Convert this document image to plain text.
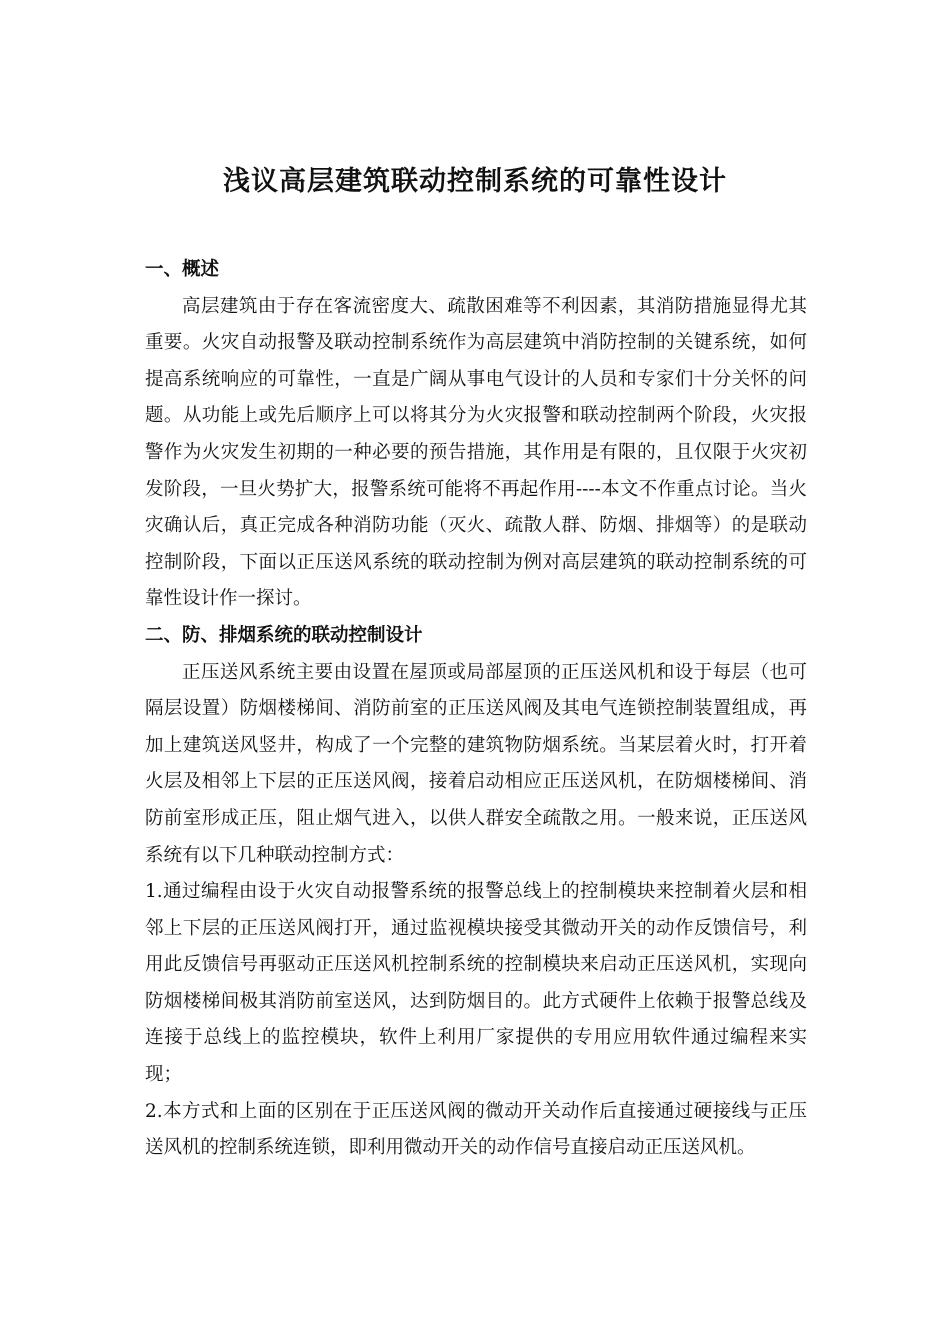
浅议高层建筑联动控制系统的可靠性设计

一、概述

高层建筑由于存在客流密度大、疏散困难等不利因素，其消防措施显得尤其重要。火灾自动报警及联动控制系统作为高层建筑中消防控制的关键系统，如何提高系统响应的可靠性，一直是广阔从事电气设计的人员和专家们十分关怀的问题。从功能上或先后顺序上可以将其分为火灾报警和联动控制两个阶段，火灾报警作为火灾发生初期的一种必要的预告措施，其作用是有限的，且仅限于火灾初发阶段，一旦火势扩大，报警系统可能将不再起作用----本文不作重点讨论。当火灾确认后，真正完成各种消防功能（灭火、疏散人群、防烟、排烟等）的是联动控制阶段，下面以正压送风系统的联动控制为例对高层建筑的联动控制系统的可靠性设计作一探讨。

二、防、排烟系统的联动控制设计

正压送风系统主要由设置在屋顶或局部屋顶的正压送风机和设于每层（也可隔层设置）防烟楼梯间、消防前室的正压送风阀及其电气连锁控制装置组成，再加上建筑送风竖井，构成了一个完整的建筑物防烟系统。当某层着火时，打开着火层及相邻上下层的正压送风阀，接着启动相应正压送风机，在防烟楼梯间、消防前室形成正压，阻止烟气进入，以供人群安全疏散之用。一般来说，正压送风系统有以下几种联动控制方式：

1.通过编程由设于火灾自动报警系统的报警总线上的控制模块来控制着火层和相邻上下层的正压送风阀打开，通过监视模块接受其微动开关的动作反馈信号，利用此反馈信号再驱动正压送风机控制系统的控制模块来启动正压送风机，实现向防烟楼梯间极其消防前室送风，达到防烟目的。此方式硬件上依赖于报警总线及连接于总线上的监控模块，软件上利用厂家提供的专用应用软件通过编程来实现；

2.本方式和上面的区别在于正压送风阀的微动开关动作后直接通过硬接线与正压送风机的控制系统连锁，即利用微动开关的动作信号直接启动正压送风机。
